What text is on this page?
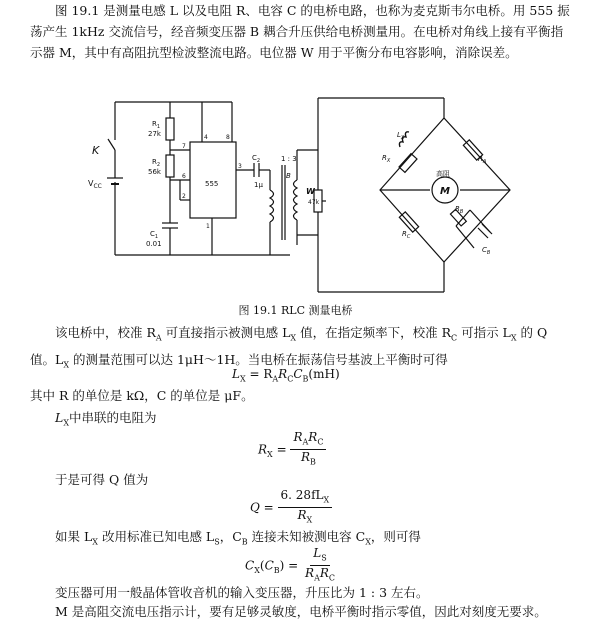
图 19.1 是测量电感 L 以及电阻 R、电容 C 的电桥电路，也称为麦克斯韦尔电桥。用 555 振荡产生 1kHz 交流信号，经音频变压器 B 耦合升压供给电桥测量用。在电桥对角线上接有平衡指示器 M，其中有高阻抗型检波整流电路。电位器 W 用于平衡分布电容影响，消除误差。
K
$V_{CC}$
$R_1$
27k
$R_2$
56k
$C_1$
0.01
555
4	8
7
6
2
1
3
$C_2$
1μ
1 : 3
B
W
47k
$L_X$
$R_X$	$R_A$
$R_C$
$R_B$
$C_B$
高阻
M
图 19.1 RLC 测量电桥
该电桥中，校准 $R_A$ 可直接指示被测电感 $L_X$ 值，在指定频率下，校准 $R_C$ 可指示 $L_X$ 的 Q 值。$L_X$ 的测量范围可以达 1μH～1H。当电桥在振荡信号基波上平衡时可得
$L_X = R_AR_CC_B(mH)$
其中 R 的单位是 kΩ，C 的单位是 μF。
$L_X$中串联的电阻为
$R_X = \frac{R_AR_C}{R_B}$
于是可得 Q 值为
$Q = \frac{6. 28fL_X}{R_X}$
如果 $L_X$ 改用标准已知电感 $L_S$，$C_B$ 连接未知被测电容 $C_X$，则可得
$C_X(C_B) = \frac{L_S}{R_AR_C}$
变压器可用一般晶体管收音机的输入变压器，升压比为 1 : 3 左右。
M 是高阻交流电压指示计，要有足够灵敏度，电桥平衡时指示零值，因此对刻度无要求。
